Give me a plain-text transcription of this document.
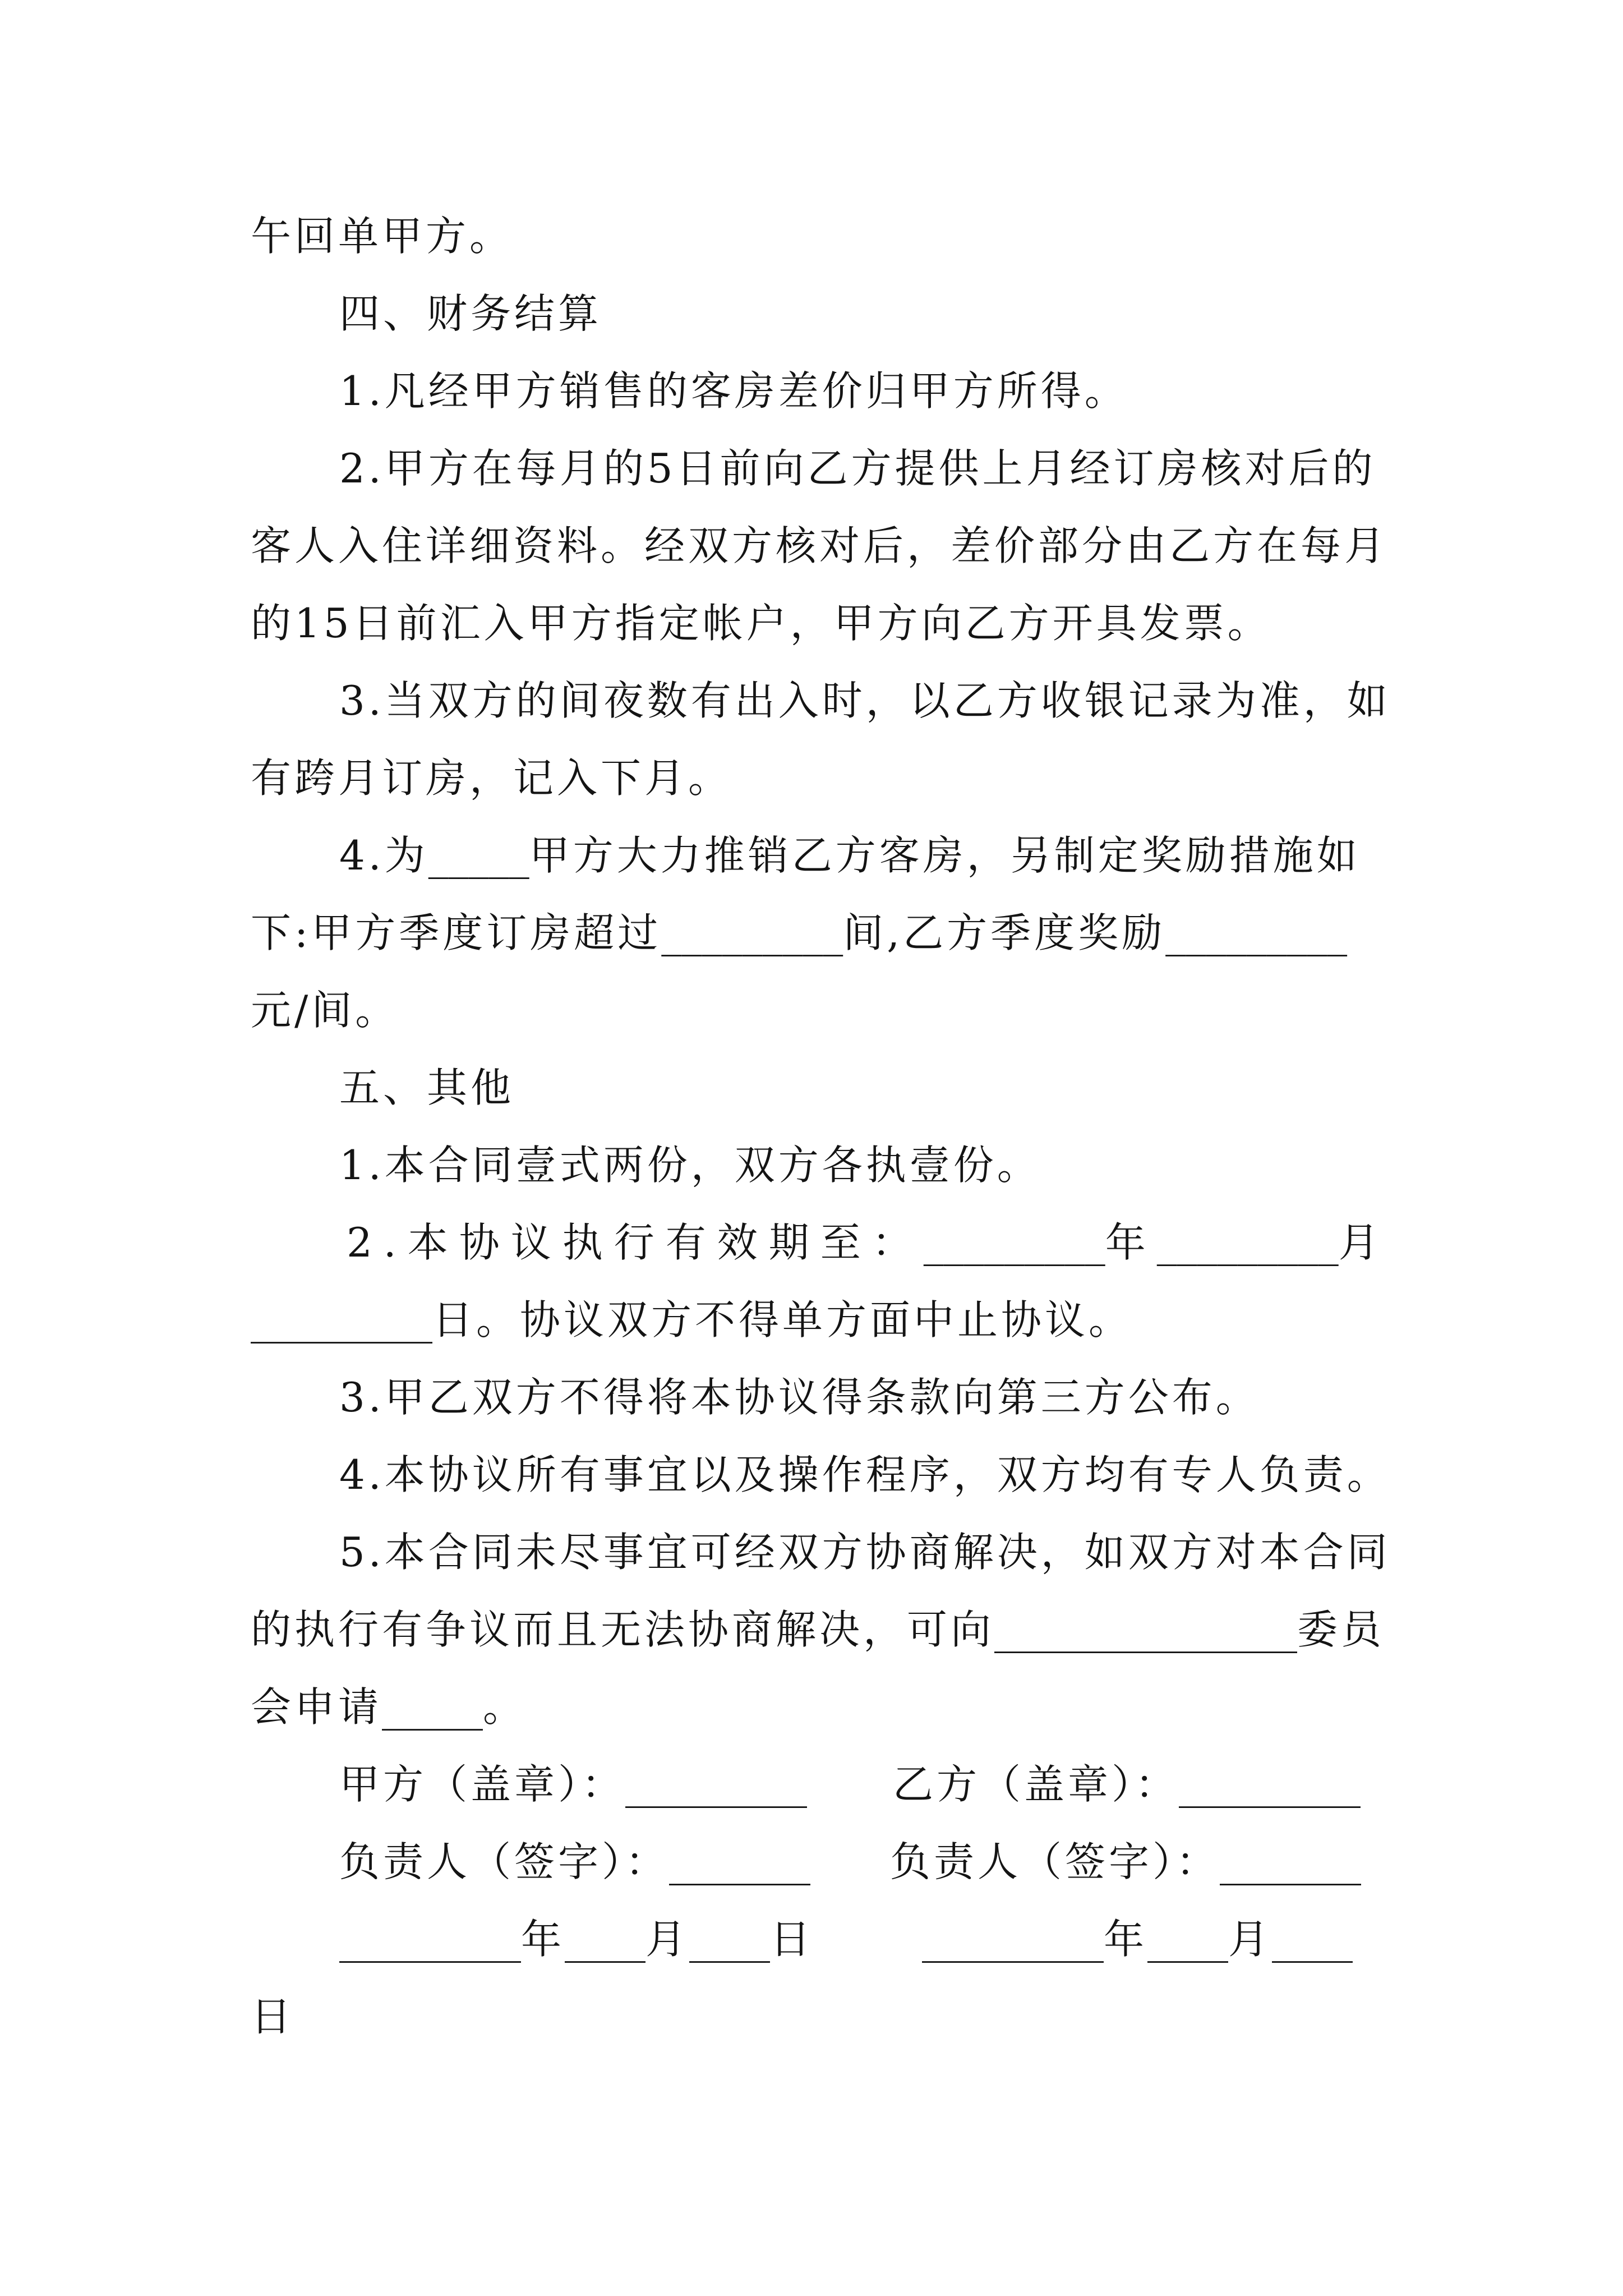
午回单甲方。
四、财务结算
1.凡经甲方销售的客房差价归甲方所得。
2.甲方在每月的5日前向乙方提供上月经订房核对后的
客人入住详细资料。经双方核对后，差价部分由乙方在每月
的15日前汇入甲方指定帐户，甲方向乙方开具发票。
3.当双方的间夜数有出入时，以乙方收银记录为准，如
有跨月订房，记入下月。
4.为_____甲方大力推销乙方客房，另制定奖励措施如
下:甲方季度订房超过_________间,乙方季度奖励_________
元/间。
五、其他
1.本合同壹式两份，双方各执壹份。
2.本协议执行有效期至：_________年_________月
_________日。协议双方不得单方面中止协议。
3.甲乙双方不得将本协议得条款向第三方公布。
4.本协议所有事宜以及操作程序，双方均有专人负责。
5.本合同未尽事宜可经双方协商解决，如双方对本合同
的执行有争议而且无法协商解决，可向_______________委员
会申请_____。
甲方（盖章）：_________ 乙方（盖章）：_________
负责人（签字）：_______ 负责人（签字）：_______
_________年____月____日	_________年____月____
日
